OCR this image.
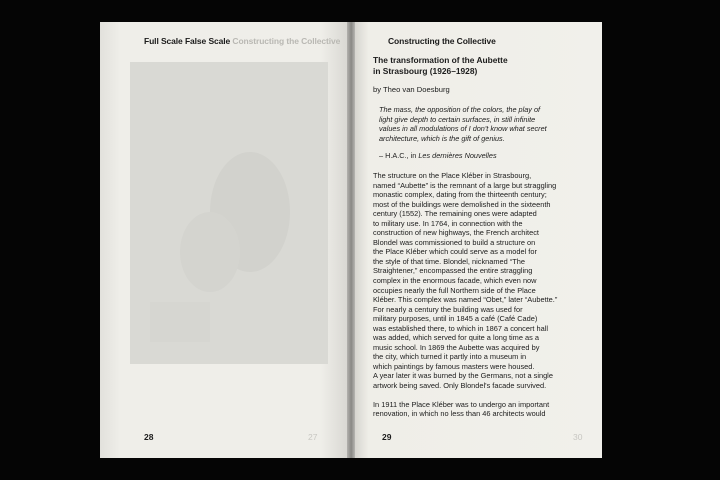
Full Scale False Scale Constructing the Collective

28	27
Constructing the Collective
The transformation of the Aubette
in Strasbourg (1926–1928)
by Theo van Doesburg
The mass, the opposition of the colors, the play of
light give depth to certain surfaces, in still infinite
values in all modulations of I don't know what secret
architecture, which is the gift of genius.
– H.A.C., in Les dernières Nouvelles

The structure on the Place Kléber in Strasbourg,
named “Aubette” is the remnant of a large but straggling
monastic complex, dating from the thirteenth century;
most of the buildings were demolished in the sixteenth
century (1552). The remaining ones were adapted
to military use. In 1764, in connection with the
construction of new highways, the French architect
Blondel was commissioned to build a structure on
the Place Kléber which could serve as a model for
the style of that time. Blondel, nicknamed “The
Straightener,” encompassed the entire straggling
complex in the enormous facade, which even now
occupies nearly the full Northern side of the Place
Kléber. This complex was named “Obet,” later “Aubette.”
For nearly a century the building was used for
military purposes, until in 1845 a café (Café Cade)
was established there, to which in 1867 a concert hall
was added, which served for quite a long time as a
music school. In 1869 the Aubette was acquired by
the city, which turned it partly into a museum in
which paintings by famous masters were housed.
A year later it was burned by the Germans, not a single
artwork being saved. Only Blondel's facade survived.

In 1911 the Place Kléber was to undergo an important
renovation, in which no less than 46 architects would

29	30
